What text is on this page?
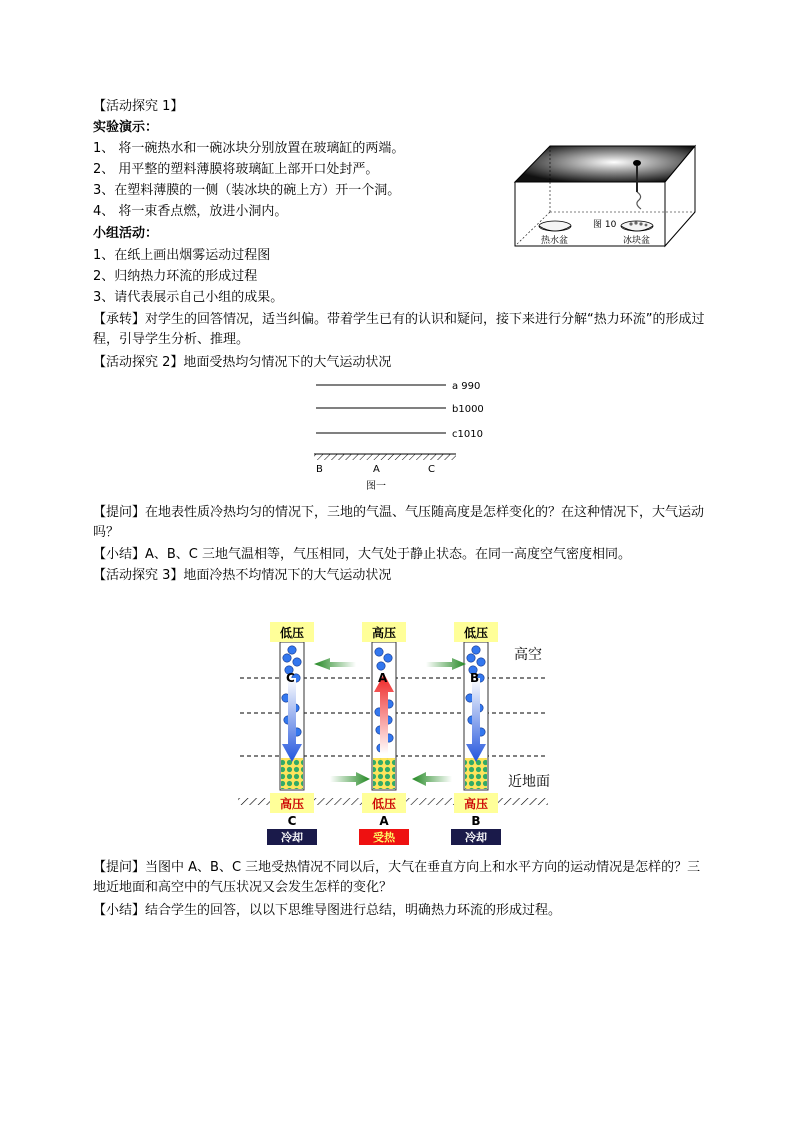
【活动探究 1】
实验演示：
1、 将一碗热水和一碗冰块分别放置在玻璃缸的两端。
2、 用平整的塑料薄膜将玻璃缸上部开口处封严。
3、在塑料薄膜的一侧（装冰块的碗上方）开一个洞。
4、 将一束香点燃，放进小洞内。
小组活动：
1、在纸上画出烟雾运动过程图
2、归纳热力环流的形成过程
3、请代表展示自己小组的成果。
图 10
热水盆	冰块盆
【承转】对学生的回答情况，适当纠偏。带着学生已有的认识和疑问，接下来进行分解“热力环流”的形成过程，引导学生分析、推理。
【活动探究 2】地面受热均匀情况下的大气运动状况
a 990
b1000
c1010
B	A	C
图一
【提问】在地表性质冷热均匀的情况下，三地的气温、气压随高度是怎样变化的？在这种情况下，大气运动吗？
【小结】A、B、C 三地气温相等，气压相同，大气处于静止状态。在同一高度空气密度相同。
【活动探究 3】地面冷热不均情况下的大气运动状况
C
低压
高压
C
冷却
A
高压
低压
A
受热
B
低压
高压
B
冷却
高空
近地面
【提问】当图中 A、B、C 三地受热情况不同以后，大气在垂直方向上和水平方向的运动情况是怎样的？三地近地面和高空中的气压状况又会发生怎样的变化？
【小结】结合学生的回答，以以下思维导图进行总结，明确热力环流的形成过程。
